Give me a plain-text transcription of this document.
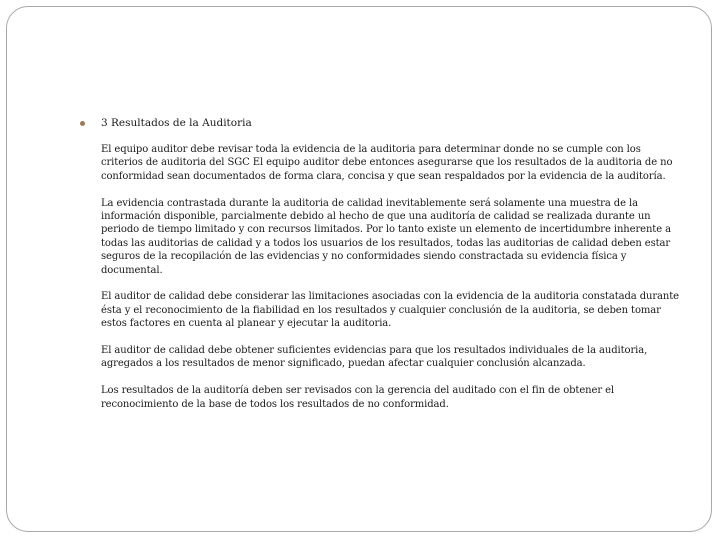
3 Resultados de la Auditoria

El equipo auditor debe revisar toda la evidencia de la auditoria para determinar donde no se cumple con los criterios de auditoria del SGC El equipo auditor debe entonces asegurarse que los resultados de la auditoria de no conformidad sean documentados de forma clara, concisa y que sean respaldados por la evidencia de la auditoría.

La evidencia contrastada durante la auditoria de calidad inevitablemente será solamente una muestra de la información disponible, parcialmente debido al hecho de que una auditoría de calidad se realizada durante un periodo de tiempo limitado y con recursos limitados. Por lo tanto existe un elemento de incertidumbre inherente a todas las auditorias de calidad y a todos los usuarios de los resultados, todas las auditorias de calidad deben estar seguros de la recopilación de las evidencias y no conformidades siendo constractada su evidencia física y documental.

El auditor de calidad debe considerar las limitaciones asociadas con la evidencia de la auditoria constatada durante ésta y el reconocimiento de la fiabilidad en los resultados y cualquier conclusión de la auditoria, se deben tomar estos factores en cuenta al planear y ejecutar la auditoria.

El auditor de calidad debe obtener suficientes evidencias para que los resultados individuales de la auditoria, agregados a los resultados de menor significado, puedan afectar cualquier conclusión alcanzada.

Los resultados de la auditoría deben ser revisados con la gerencia del auditado con el fin de obtener el reconocimiento de la base de todos los resultados de no conformidad.
